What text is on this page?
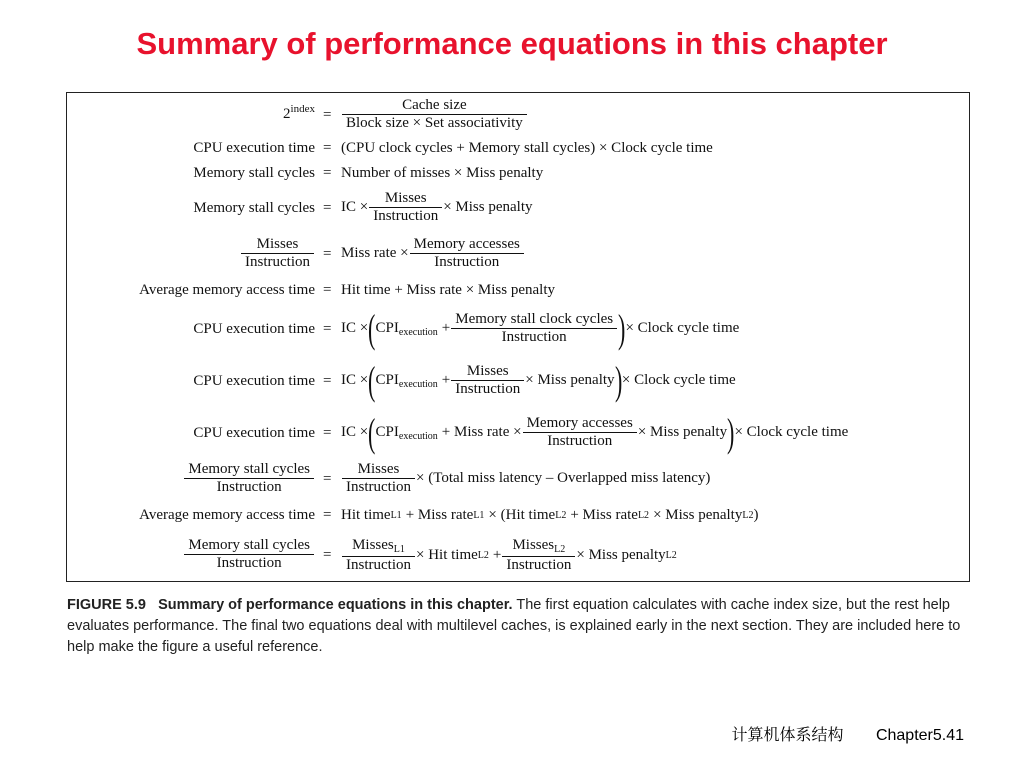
Summary of performance equations in this chapter
$2^{index} = \frac{\text{Cache size}}{\text{Block size × Set associativity}}$
CPU execution time = (CPU clock cycles + Memory stall cycles) × Clock cycle time
Memory stall cycles = Number of misses × Miss penalty
Memory stall cycles = IC × $\frac{\text{Misses}}{\text{Instruction}}$ × Miss penalty
$\frac{\text{Misses}}{\text{Instruction}}$ = Miss rate × $\frac{\text{Memory accesses}}{\text{Instruction}}$
Average memory access time = Hit time + Miss rate × Miss penalty
CPU execution time = IC × ( $CPI_{execution} + \frac{\text{Memory stall clock cycles}}{\text{Instruction}}$ ) × Clock cycle time
CPU execution time = IC × ( $CPI_{execution} + \frac{\text{Misses}}{\text{Instruction}}$ × Miss penalty ) × Clock cycle time
CPU execution time = IC × ( $CPI_{execution}$ + Miss rate × $\frac{\text{Memory accesses}}{\text{Instruction}}$ × Miss penalty ) × Clock cycle time
$\frac{\text{Memory stall cycles}}{\text{Instruction}} = \frac{\text{Misses}}{\text{Instruction}}$ × (Total miss latency – Overlapped miss latency)
Average memory access time = Hit time L1 + Miss rate L1 × (Hit time L2 + Miss rate L2 × Miss penalty L2 )
$\frac{\text{Memory stall cycles}}{\text{Instruction}} = \frac{Misses_{L1}}{\text{Instruction}}$ × Hit time $L2 + \frac{Misses_{L2}}{\text{Instruction}}$ × Miss penalty L2
FIGURE 5.9 Summary of performance equations in this chapter. The first equation calculates with cache index size, but the rest help evaluates performance. The final two equations deal with multilevel caches, is explained early in the next section. They are included here to help make the figure a useful reference.
计算机体系结构 Chapter5.41
